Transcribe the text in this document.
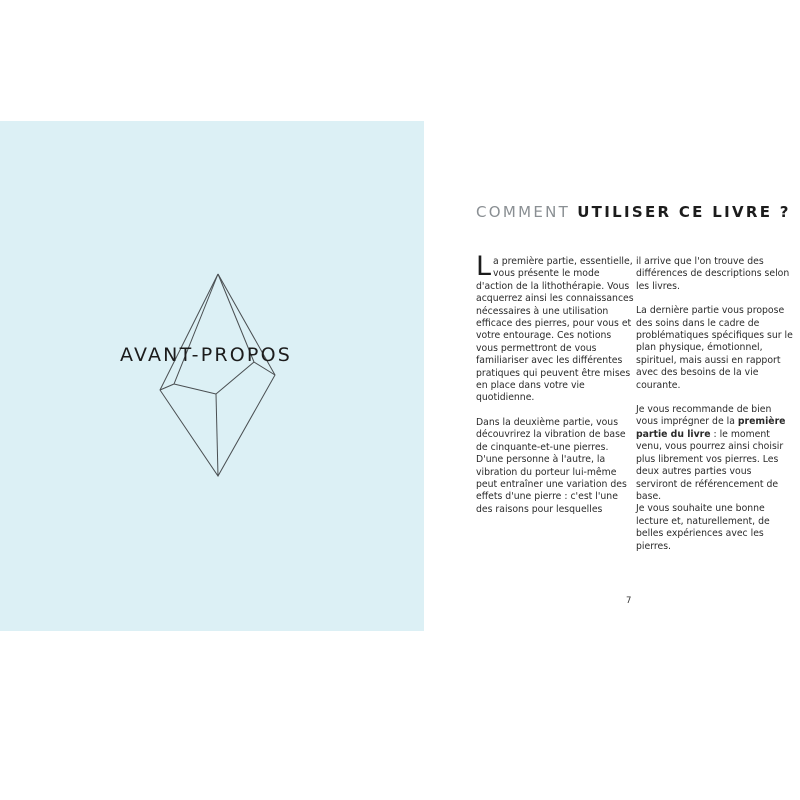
AVANT-PROPOS
COMMENT UTILISER CE LIVRE ?

La première partie, essentielle, vous présente le mode d'action de la lithothérapie. Vous acquerrez ainsi les connaissances nécessaires à une utilisation efficace des pierres, pour vous et votre entourage. Ces notions vous permettront de vous familiariser avec les différentes pratiques qui peuvent être mises en place dans votre vie quotidienne.

Dans la deuxième partie, vous découvrirez la vibration de base de cinquante-et-une pierres. D'une personne à l'autre, la vibration du porteur lui-même peut entraîner une variation des effets d'une pierre : c'est l'une des raisons pour lesquelles

il arrive que l'on trouve des différences de descriptions selon les livres.

La dernière partie vous propose des soins dans le cadre de problématiques spécifiques sur le plan physique, émotionnel, spirituel, mais aussi en rapport avec des besoins de la vie courante.

Je vous recommande de bien vous imprégner de la première partie du livre : le moment venu, vous pourrez ainsi choisir plus librement vos pierres. Les deux autres parties vous serviront de référencement de base.

Je vous souhaite une bonne lecture et, naturellement, de belles expériences avec les pierres.

7
